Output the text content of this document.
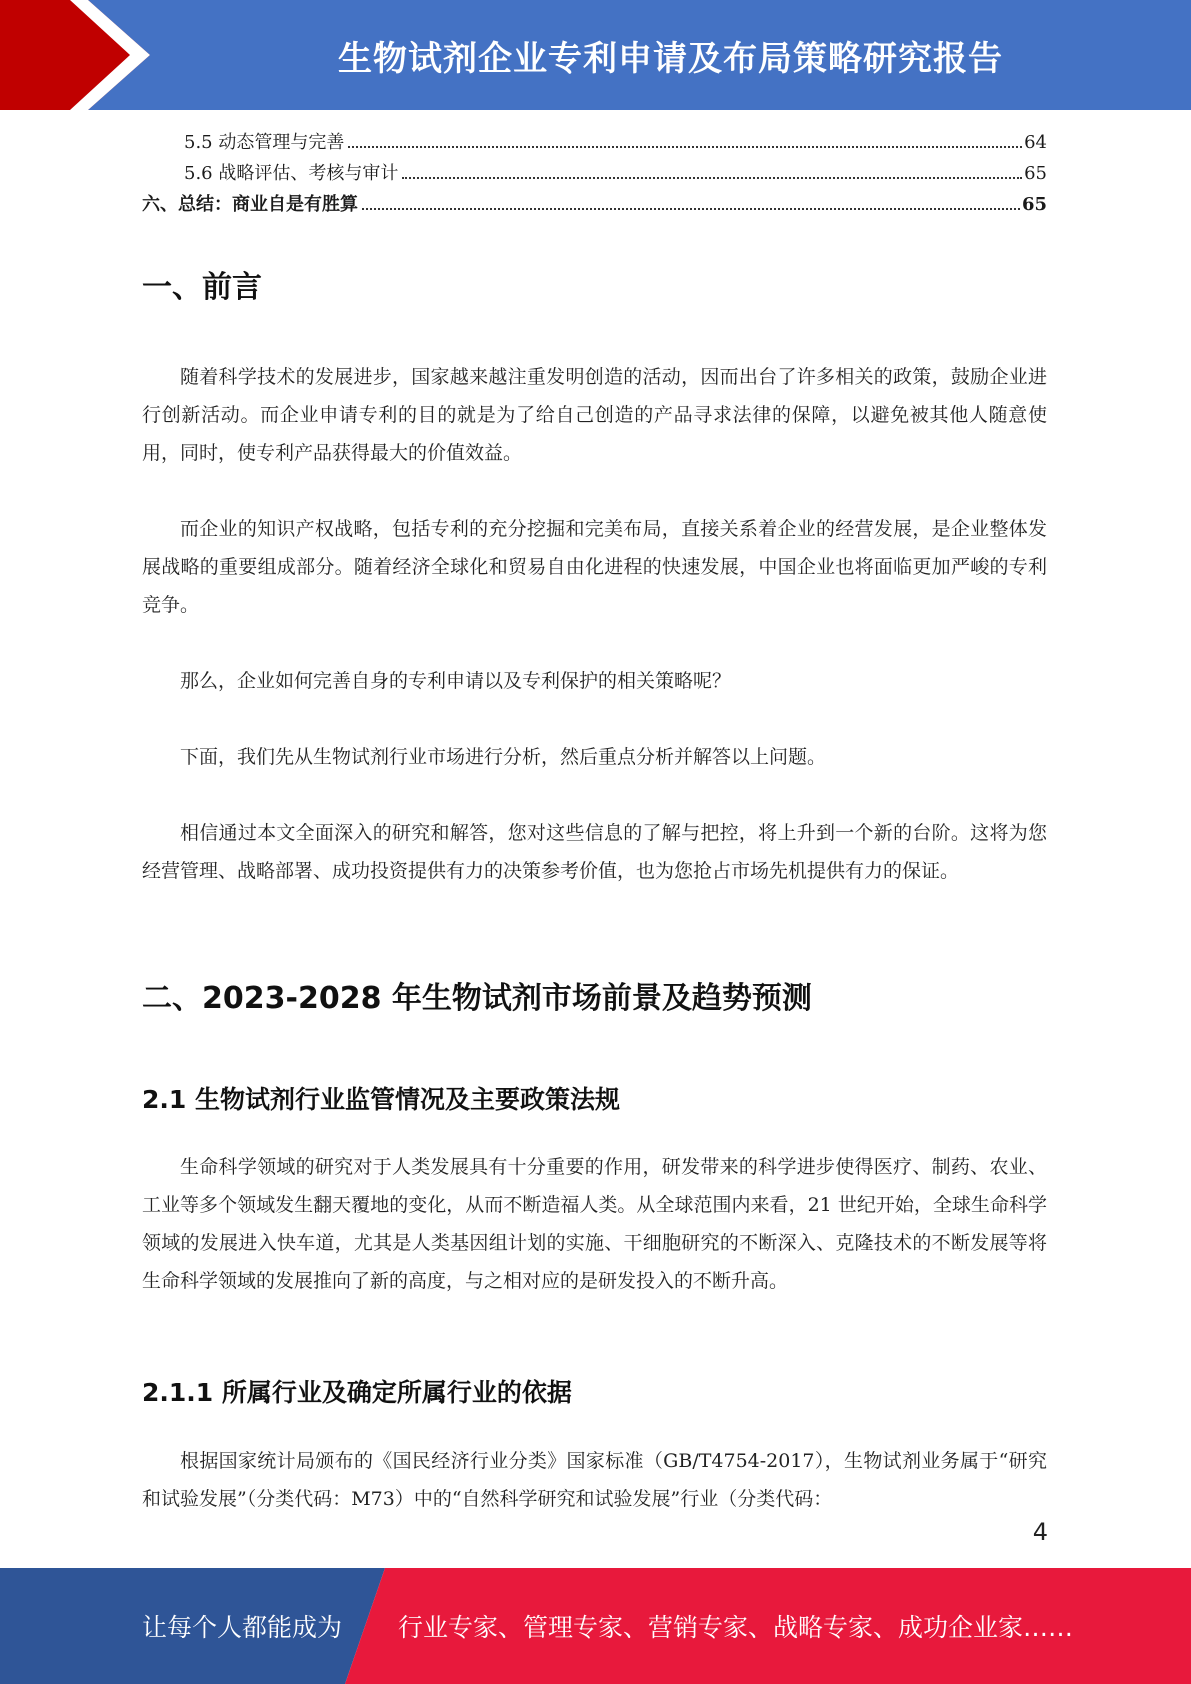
生物试剂企业专利申请及布局策略研究报告
5.5 动态管理与完善	64
5.6 战略评估、考核与审计	65
六、总结：商业自是有胜算	65
一、前言

随着科学技术的发展进步，国家越来越注重发明创造的活动，因而出台了许多相关的政策，鼓励企业进行创新活动。而企业申请专利的目的就是为了给自己创造的产品寻求法律的保障，以避免被其他人随意使用，同时，使专利产品获得最大的价值效益。

而企业的知识产权战略，包括专利的充分挖掘和完美布局，直接关系着企业的经营发展，是企业整体发展战略的重要组成部分。随着经济全球化和贸易自由化进程的快速发展，中国企业也将面临更加严峻的专利竞争。

那么，企业如何完善自身的专利申请以及专利保护的相关策略呢？

下面，我们先从生物试剂行业市场进行分析，然后重点分析并解答以上问题。

相信通过本文全面深入的研究和解答，您对这些信息的了解与把控，将上升到一个新的台阶。这将为您经营管理、战略部署、成功投资提供有力的决策参考价值，也为您抢占市场先机提供有力的保证。

二、2023-2028 年生物试剂市场前景及趋势预测
2.1 生物试剂行业监管情况及主要政策法规

生命科学领域的研究对于人类发展具有十分重要的作用，研发带来的科学进步使得医疗、制药、农业、工业等多个领域发生翻天覆地的变化，从而不断造福人类。从全球范围内来看，21 世纪开始，全球生命科学领域的发展进入快车道，尤其是人类基因组计划的实施、干细胞研究的不断深入、克隆技术的不断发展等将生命科学领域的发展推向了新的高度，与之相对应的是研发投入的不断升高。

2.1.1 所属行业及确定所属行业的依据

根据国家统计局颁布的《国民经济行业分类》国家标准（GB/T4754-2017），生物试剂业务属于“研究和试验发展”（分类代码：M73）中的“自然科学研究和试验发展”行业（分类代码：

4
让每个人都能成为 行业专家、管理专家、营销专家、战略专家、成功企业家……
